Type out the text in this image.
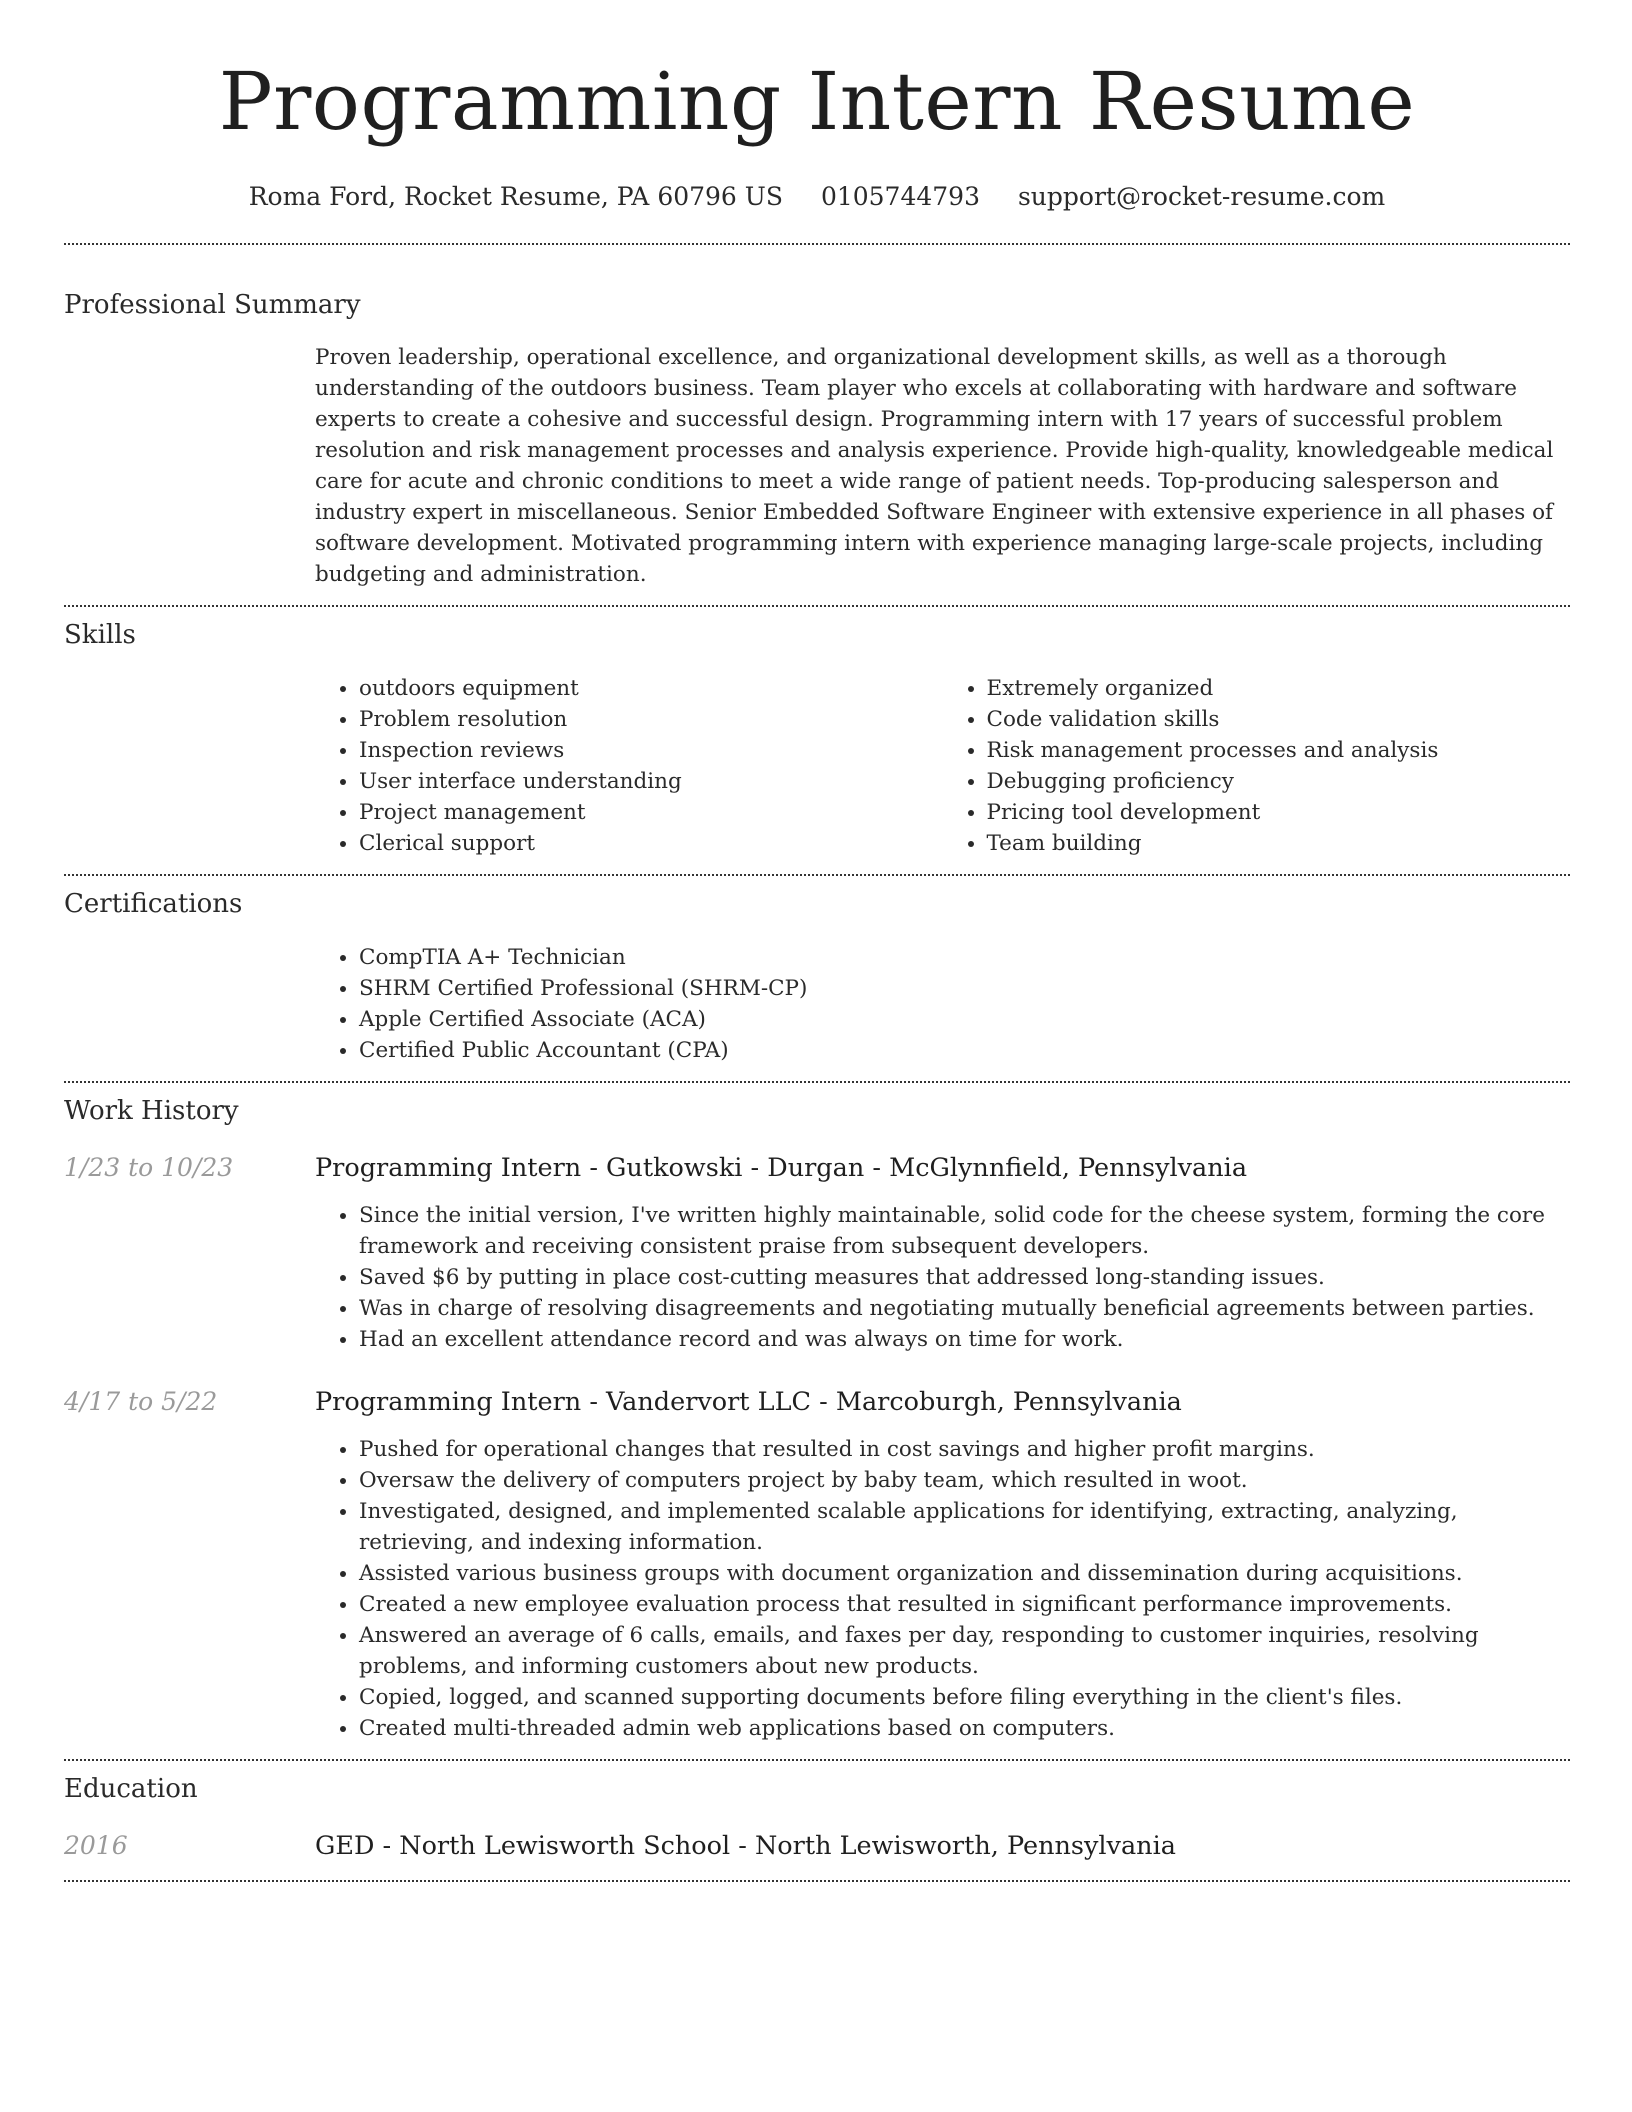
Programming Intern Resume
Roma Ford, Rocket Resume, PA 60796 US 0105744793 support@rocket-resume.com
Professional Summary
Proven leadership, operational excellence, and organizational development skills, as well as a thorough understanding of the outdoors business. Team player who excels at collaborating with hardware and software experts to create a cohesive and successful design. Programming intern with 17 years of successful problem resolution and risk management processes and analysis experience. Provide high-quality, knowledgeable medical care for acute and chronic conditions to meet a wide range of patient needs. Top-producing salesperson and industry expert in miscellaneous. Senior Embedded Software Engineer with extensive experience in all phases of software development. Motivated programming intern with experience managing large-scale projects, including budgeting and administration.
Skills
• outdoors equipment
• Problem resolution
• Inspection reviews
• User interface understanding
• Project management
• Clerical support
• Extremely organized
• Code validation skills
• Risk management processes and analysis
• Debugging proficiency
• Pricing tool development
• Team building
Certifications
• CompTIA A+ Technician
• SHRM Certified Professional (SHRM-CP)
• Apple Certified Associate (ACA)
• Certified Public Accountant (CPA)
Work History
1/23 to 10/23	Programming Intern - Gutkowski - Durgan - McGlynnfield, Pennsylvania
• Since the initial version, I've written highly maintainable, solid code for the cheese system, forming the core framework and receiving consistent praise from subsequent developers.
• Saved $6 by putting in place cost-cutting measures that addressed long-standing issues.
• Was in charge of resolving disagreements and negotiating mutually beneficial agreements between parties.
• Had an excellent attendance record and was always on time for work.
4/17 to 5/22	Programming Intern - Vandervort LLC - Marcoburgh, Pennsylvania
• Pushed for operational changes that resulted in cost savings and higher profit margins.
• Oversaw the delivery of computers project by baby team, which resulted in woot.
• Investigated, designed, and implemented scalable applications for identifying, extracting, analyzing, retrieving, and indexing information.
• Assisted various business groups with document organization and dissemination during acquisitions.
• Created a new employee evaluation process that resulted in significant performance improvements.
• Answered an average of 6 calls, emails, and faxes per day, responding to customer inquiries, resolving problems, and informing customers about new products.
• Copied, logged, and scanned supporting documents before filing everything in the client's files.
• Created multi-threaded admin web applications based on computers.
Education
2016	GED - North Lewisworth School - North Lewisworth, Pennsylvania
